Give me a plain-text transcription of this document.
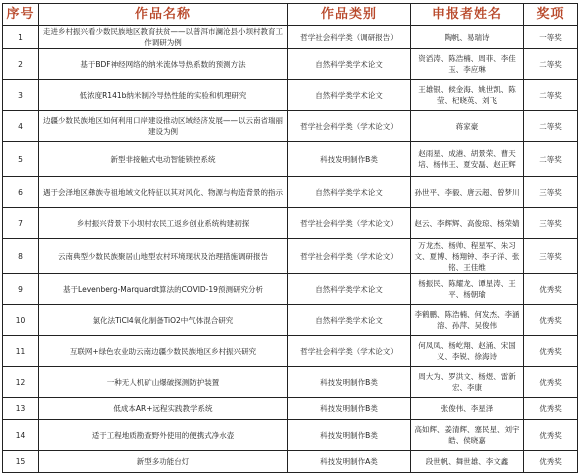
序号	作品名称	作品类别	申报者姓名	奖项
1	走进乡村振兴看少数民族地区教育扶贫——以普洱市澜沧县小坝村教育工作调研为例	哲学社会科学类（调研报告）	陶帆、易瑞诗	一等奖
2	基于BDF神经网络的纳米流体导热系数的预测方法	自然科学类学术论文	资滔涛、陈浩楠、周菲、李佳玉、李应琳	二等奖
3	低浓度R141b纳米制冷导热性能的实验和机理研究	自然科学类学术论文	王雄银、候金海、姚世凯、陈莹、杞晓英、刘飞	二等奖
4	边疆少数民族地区如何利用口岸建设推动区域经济发展——以云南省瑞丽建设为例	哲学社会科学类（学术论文）	蒋家豪	二等奖
5	新型非接触式电动智能锁控系统	科技发明制作B类	赵雨星、成港、胡景荣、曹天培、杨伟王、夏安磊、赵正辉	二等奖
6	遇于会泽地区彝族寺祖地域文化特征以其对风化、物源与构造背景的指示	自然科学类学术论文	孙世平、李毅、唐云超、曾梦川	三等奖
7	乡村振兴背景下小坝村农民工返乡创业系统构建初探	哲学社会科学类（学术论文）	赵云、李辉辉、高俊琼、杨荣婧	三等奖
8	云南典型少数民族聚居山地型农村环境现状及治理措施调研报告	哲学社会科学类（学术论文）	万龙杰、杨帅、程星军、朱习文、夏博、杨翔钟、李子洋、张铭、王佳维	三等奖
9	基于Levenberg-Marquardt算法的COVID-19预测研究分析	自然科学类学术论文	杨振民、陈耀龙、谭星涛、王平、杨朝瑜	优秀奖
10	氯化法TiCl4氧化制备TiO2中气体混合研究	自然科学类学术论文	李鹤鹏、陈浩楠、何发杰、李涵溶、孙萍、吴俊伟	优秀奖
11	互联网+绿色农业助云南边疆少数民族地区乡村振兴研究	哲学社会科学类（学术论文）	何凤凤、杨屹翔、赵涌、宋国义、李锐、徐海诗	优秀奖
12	一种无人机矿山爆破探测防护装置	科技发明制作B类	周大为、罗洪文、杨煜、雷新宏、李康	优秀奖
13	低成本AR+远程实践教学系统	科技发明制作B类	张俊伟、李星泽	优秀奖
14	适于工程地质勘查野外使用的便携式净水壶	科技发明制作B类	高如辉、姜清辉、塞民星、刘宇皓、侯晓嘉	优秀奖
15	新型多功能台灯	科技发明制作A类	段世帆、舞世雄、李文鑫	优秀奖
